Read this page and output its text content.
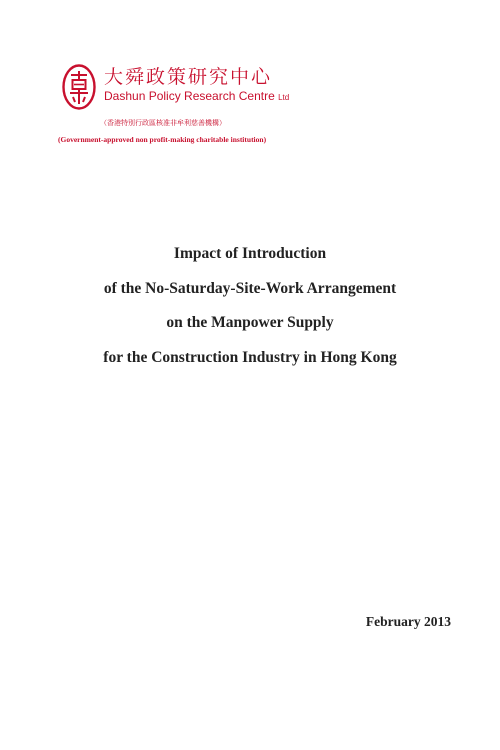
大舜政策研究中心
Dashun Policy Research Centre Ltd
（香港特別行政區核准非牟利慈善機構）
(Government-approved non profit-making charitable institution)
Impact of Introduction
of the No-Saturday-Site-Work Arrangement
on the Manpower Supply
for the Construction Industry in Hong Kong
February 2013
